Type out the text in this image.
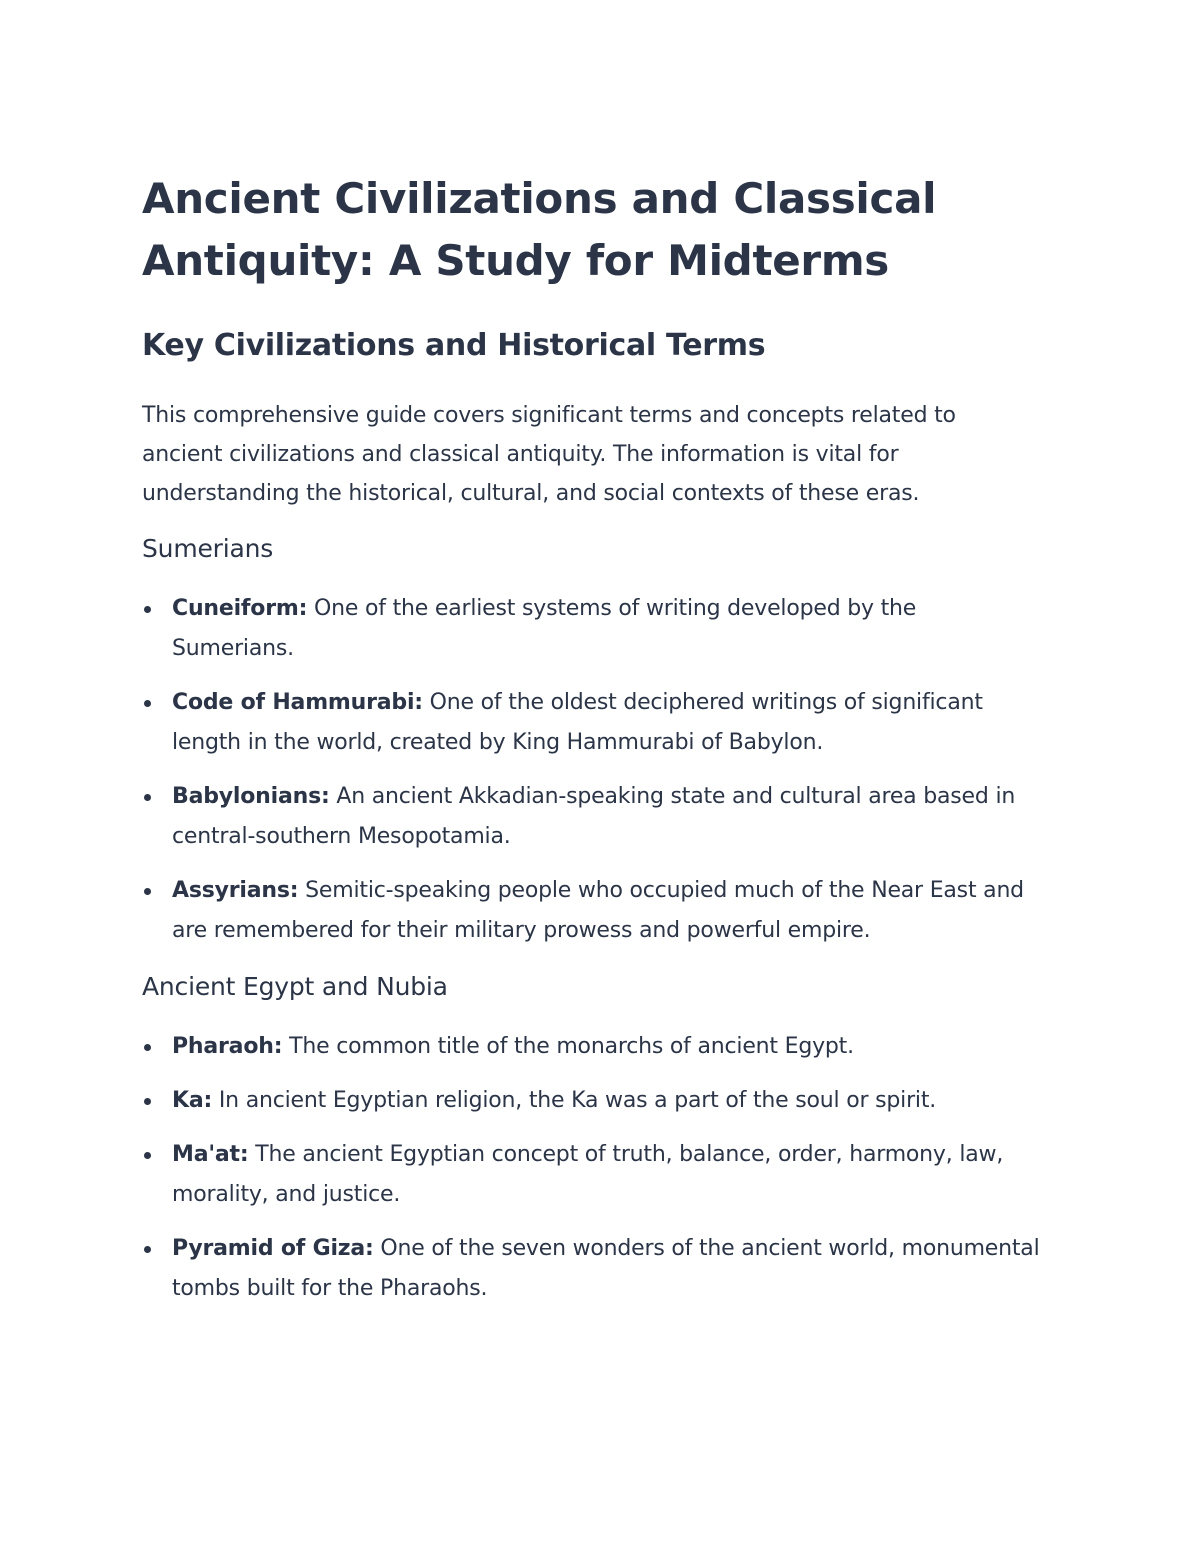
Ancient Civilizations and Classical Antiquity: A Study for Midterms
Key Civilizations and Historical Terms

This comprehensive guide covers significant terms and concepts related to ancient civilizations and classical antiquity. The information is vital for understanding the historical, cultural, and social contexts of these eras.

Sumerians
Cuneiform: One of the earliest systems of writing developed by the Sumerians.
Code of Hammurabi: One of the oldest deciphered writings of significant length in the world, created by King Hammurabi of Babylon.
Babylonians: An ancient Akkadian-speaking state and cultural area based in central-southern Mesopotamia.
Assyrians: Semitic-speaking people who occupied much of the Near East and are remembered for their military prowess and powerful empire.
Ancient Egypt and Nubia
Pharaoh: The common title of the monarchs of ancient Egypt.
Ka: In ancient Egyptian religion, the Ka was a part of the soul or spirit.
Ma'at: The ancient Egyptian concept of truth, balance, order, harmony, law, morality, and justice.
Pyramid of Giza: One of the seven wonders of the ancient world, monumental tombs built for the Pharaohs.
